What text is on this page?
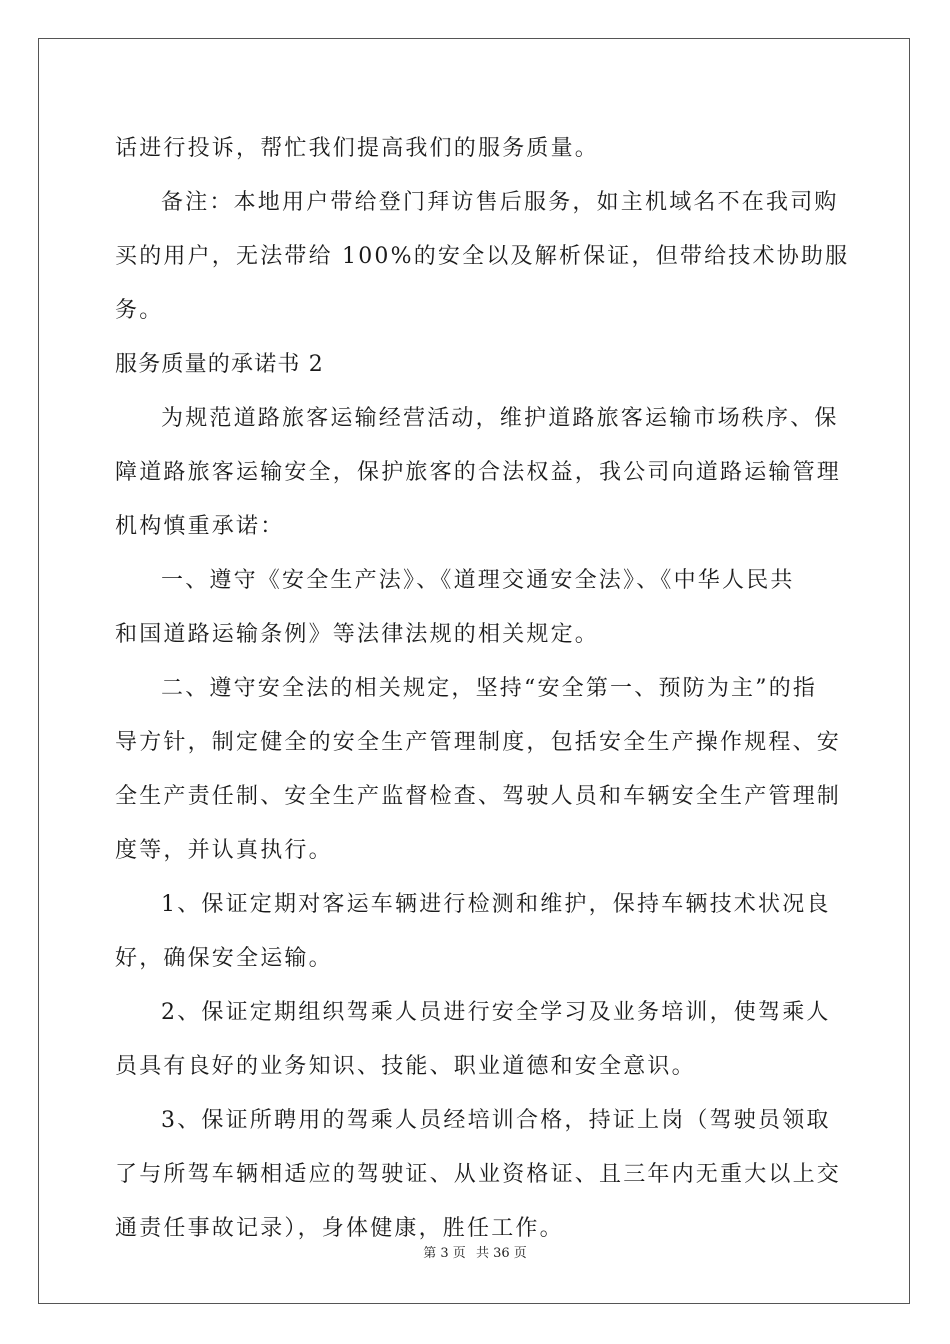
话进行投诉，帮忙我们提高我们的服务质量。
备注：本地用户带给登门拜访售后服务，如主机域名不在我司购
买的用户，无法带给 100%的安全以及解析保证，但带给技术协助服
务。
服务质量的承诺书 2
为规范道路旅客运输经营活动，维护道路旅客运输市场秩序、保
障道路旅客运输安全，保护旅客的合法权益，我公司向道路运输管理
机构慎重承诺：
一、遵守《安全生产法》、《道理交通安全法》、《中华人民共
和国道路运输条例》等法律法规的相关规定。
二、遵守安全法的相关规定，坚持“安全第一、预防为主”的指
导方针，制定健全的安全生产管理制度，包括安全生产操作规程、安
全生产责任制、安全生产监督检查、驾驶人员和车辆安全生产管理制
度等，并认真执行。
1、保证定期对客运车辆进行检测和维护，保持车辆技术状况良
好，确保安全运输。
2、保证定期组织驾乘人员进行安全学习及业务培训，使驾乘人
员具有良好的业务知识、技能、职业道德和安全意识。
3、保证所聘用的驾乘人员经培训合格，持证上岗（驾驶员领取
了与所驾车辆相适应的驾驶证、从业资格证、且三年内无重大以上交
通责任事故记录），身体健康，胜任工作。
第 3 页 共 36 页
